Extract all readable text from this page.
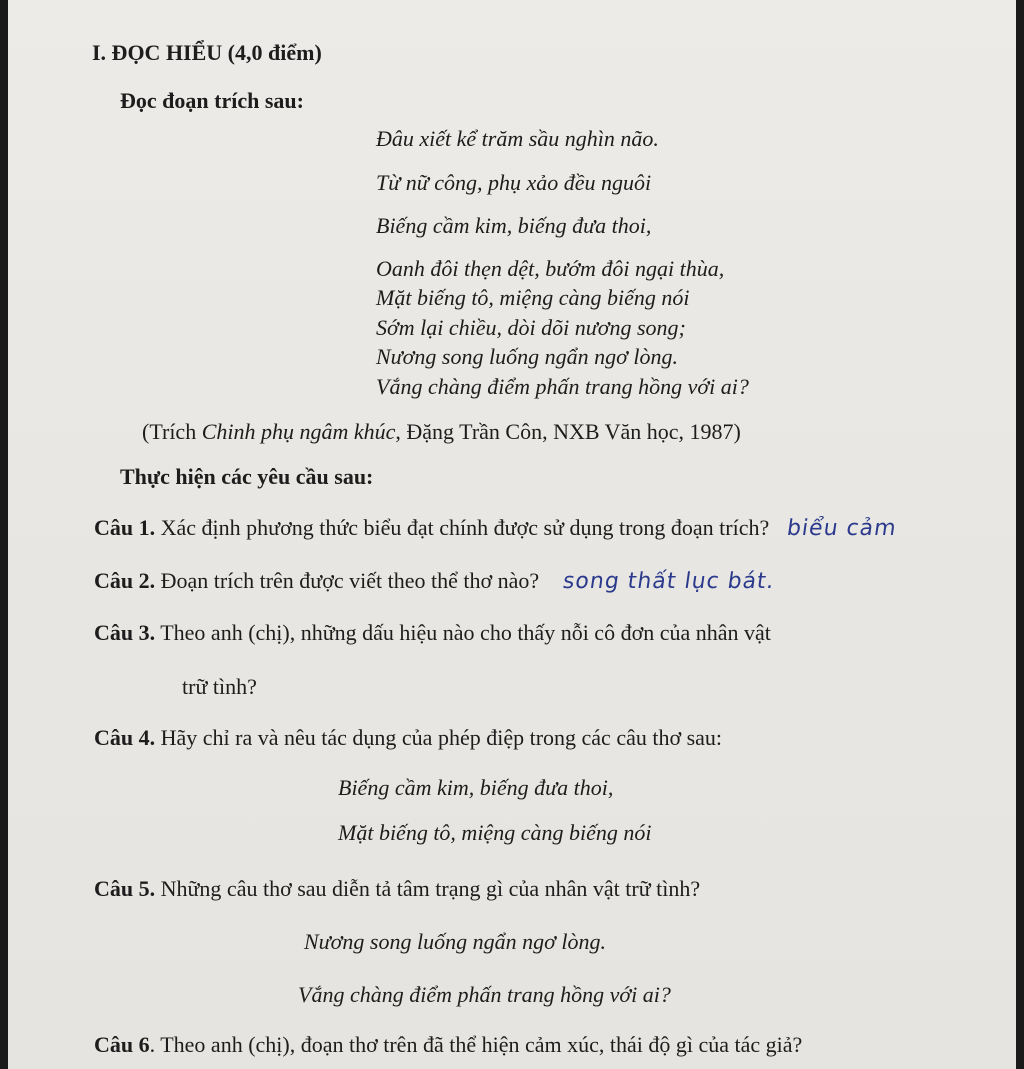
I. ĐỌC HIỂU (4,0 điểm)
Đọc đoạn trích sau:
Đâu xiết kể trăm sầu nghìn não.
Từ nữ công, phụ xảo đều nguôi
Biếng cầm kim, biếng đưa thoi,
Oanh đôi thẹn dệt, bướm đôi ngại thùa,
Mặt biếng tô, miệng càng biếng nói
Sớm lại chiều, dòi dõi nương song;
Nương song luống ngẩn ngơ lòng.
Vắng chàng điểm phấn trang hồng với ai?
(Trích Chinh phụ ngâm khúc, Đặng Trần Côn, NXB Văn học, 1987)
Thực hiện các yêu cầu sau:
Câu 1. Xác định phương thức biểu đạt chính được sử dụng trong đoạn trích? biểu cảm
Câu 2. Đoạn trích trên được viết theo thể thơ nào? song thất lục bát.
Câu 3. Theo anh (chị), những dấu hiệu nào cho thấy nỗi cô đơn của nhân vật
trữ tình?
Câu 4. Hãy chỉ ra và nêu tác dụng của phép điệp trong các câu thơ sau:
Biếng cầm kim, biếng đưa thoi,
Mặt biếng tô, miệng càng biếng nói
Câu 5. Những câu thơ sau diễn tả tâm trạng gì của nhân vật trữ tình?
Nương song luống ngẩn ngơ lòng.
Vắng chàng điểm phấn trang hồng với ai?
Câu 6. Theo anh (chị), đoạn thơ trên đã thể hiện cảm xúc, thái độ gì của tác giả?
